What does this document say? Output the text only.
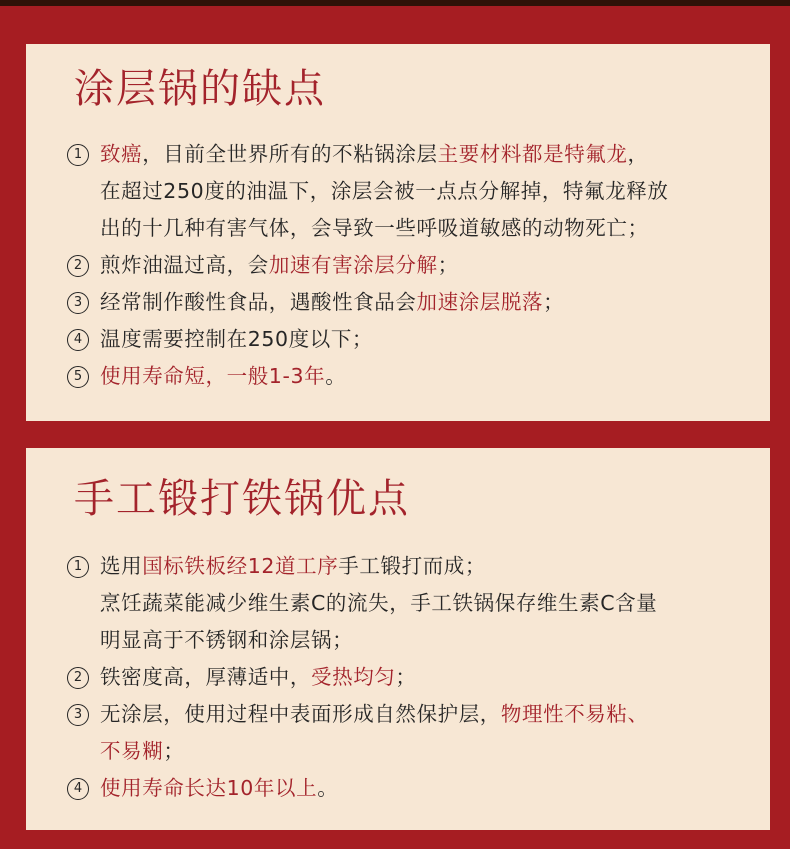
涂层锅的缺点
1 致癌，目前全世界所有的不粘锅涂层主要材料都是特氟龙，
在超过250度的油温下，涂层会被一点点分解掉，特氟龙释放
出的十几种有害气体，会导致一些呼吸道敏感的动物死亡；
2 煎炸油温过高，会加速有害涂层分解；
3 经常制作酸性食品，遇酸性食品会加速涂层脱落；
4 温度需要控制在250度以下；
5 使用寿命短，一般1-3年。
手工锻打铁锅优点
1 选用国标铁板经12道工序手工锻打而成；
烹饪蔬菜能减少维生素C的流失，手工铁锅保存维生素C含量
明显高于不锈钢和涂层锅；
2 铁密度高，厚薄适中，受热均匀；
3 无涂层，使用过程中表面形成自然保护层，物理性不易粘、
不易糊；
4 使用寿命长达10年以上。
